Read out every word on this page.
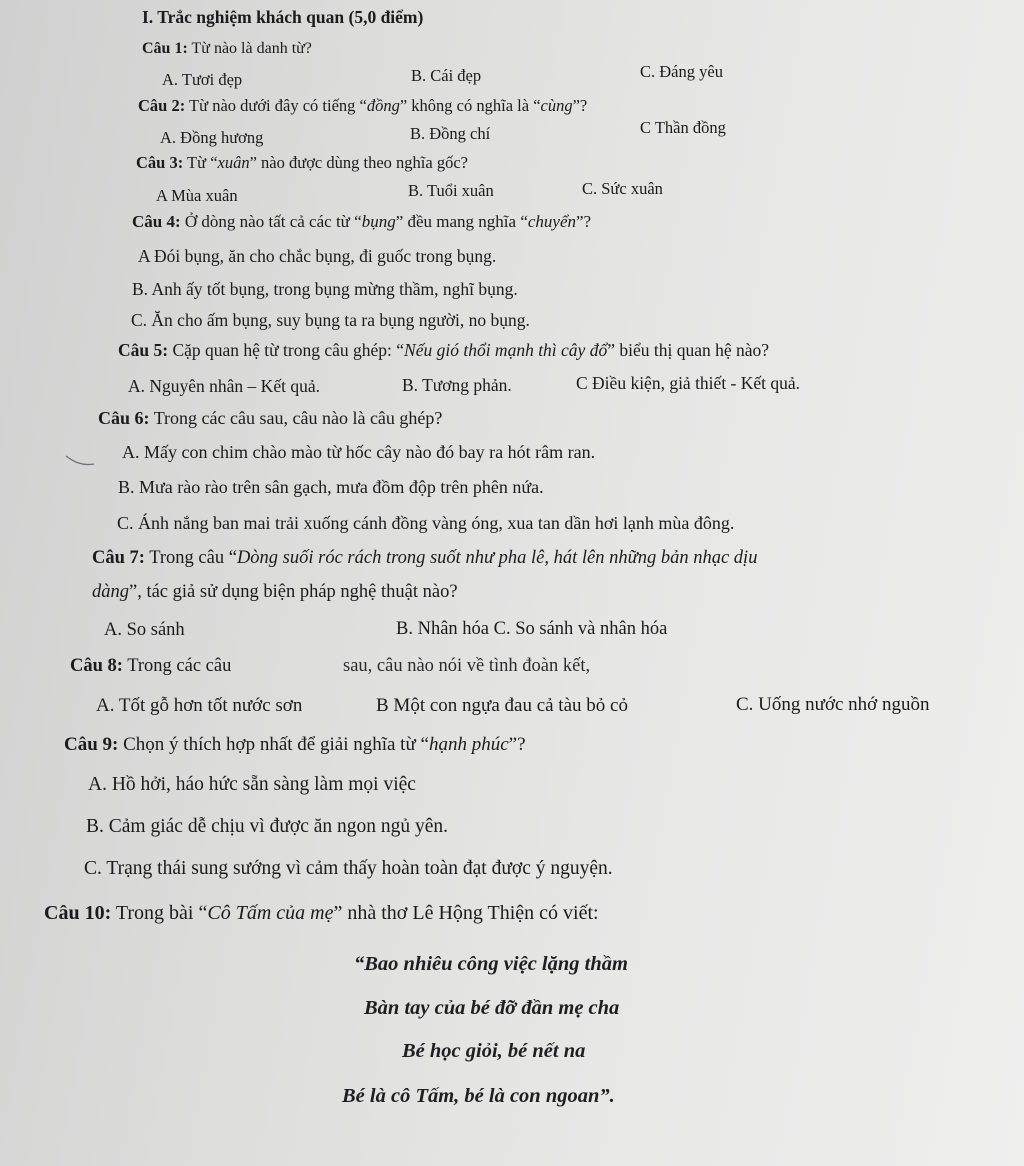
I. Trắc nghiệm khách quan (5,0 điểm)
Câu 1: Từ nào là danh từ?
A. Tươi đẹp	B. Cái đẹp	C. Đáng yêu
Câu 2: Từ nào dưới đây có tiếng “đồng” không có nghĩa là “cùng”?
A. Đồng hương	B. Đồng chí	C Thần đồng
Câu 3: Từ “xuân” nào được dùng theo nghĩa gốc?
A Mùa xuân	B. Tuổi xuân	C. Sức xuân
Câu 4: Ở dòng nào tất cả các từ “bụng” đều mang nghĩa “chuyển”?
A Đói bụng, ăn cho chắc bụng, đi guốc trong bụng.
B. Anh ấy tốt bụng, trong bụng mừng thầm, nghĩ bụng.
C. Ăn cho ấm bụng, suy bụng ta ra bụng người, no bụng.
Câu 5: Cặp quan hệ từ trong câu ghép: “Nếu gió thổi mạnh thì cây đổ” biểu thị quan hệ nào?
A. Nguyên nhân – Kết quả.	B. Tương phản.	C Điều kiện, giả thiết - Kết quả.
Câu 6: Trong các câu sau, câu nào là câu ghép?
A. Mấy con chim chào mào từ hốc cây nào đó bay ra hót râm ran.
B. Mưa rào rào trên sân gạch, mưa đồm độp trên phên nứa.
C. Ánh nắng ban mai trải xuống cánh đồng vàng óng, xua tan dần hơi lạnh mùa đông.
Câu 7: Trong câu “Dòng suối róc rách trong suốt như pha lê, hát lên những bản nhạc dịu
dàng”, tác giả sử dụng biện pháp nghệ thuật nào?
A. So sánh	B. Nhân hóa C. So sánh và nhân hóa
Câu 8: Trong các câu	sau, câu nào nói về tình đoàn kết,
A. Tốt gỗ hơn tốt nước sơn	B Một con ngựa đau cả tàu bỏ cỏ	C. Uống nước nhớ nguồn
Câu 9: Chọn ý thích hợp nhất để giải nghĩa từ “hạnh phúc”?
A. Hồ hởi, háo hức sẵn sàng làm mọi việc
B. Cảm giác dễ chịu vì được ăn ngon ngủ yên.
C. Trạng thái sung sướng vì cảm thấy hoàn toàn đạt được ý nguyện.
Câu 10: Trong bài “Cô Tấm của mẹ” nhà thơ Lê Hộng Thiện có viết:
“Bao nhiêu công việc lặng thầm
Bàn tay của bé đỡ đần mẹ cha
Bé học giỏi, bé nết na
Bé là cô Tấm, bé là con ngoan”.
